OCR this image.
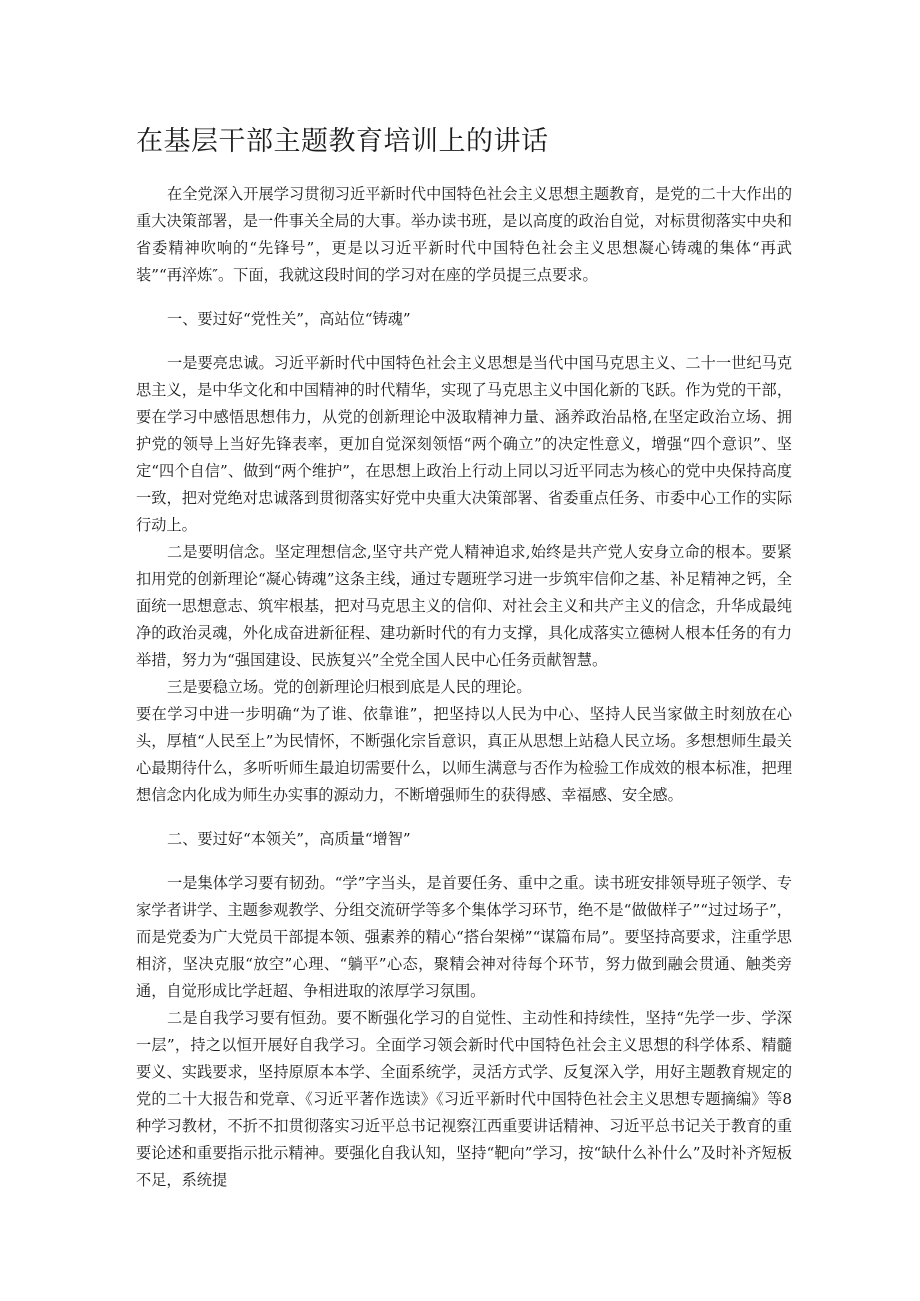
在基层干部主题教育培训上的讲话

在全党深入开展学习贯彻习近平新时代中国特色社会主义思想主题教育，是党的二十大作出的重大决策部署，是一件事关全局的大事。举办读书班，是以高度的政治自觉，对标贯彻落实中央和省委精神吹响的“先锋号”，更是以习近平新时代中国特色社会主义思想凝心铸魂的集体“再武装”“再淬炼″。下面，我就这段时间的学习对在座的学员提三点要求。

一、要过好“党性关”，高站位“铸魂”

一是要亮忠诚。习近平新时代中国特色社会主义思想是当代中国马克思主义、二十一世纪马克思主义，是中华文化和中国精神的时代精华，实现了马克思主义中国化新的飞跃。作为党的干部，要在学习中感悟思想伟力，从党的创新理论中汲取精神力量、涵养政治品格,在坚定政治立场、拥护党的领导上当好先锋表率，更加自觉深刻领悟“两个确立”的决定性意义，增强“四个意识”、坚定“四个自信”、做到“两个维护”，在思想上政治上行动上同以习近平同志为核心的党中央保持高度一致，把对党绝对忠诚落到贯彻落实好党中央重大决策部署、省委重点任务、市委中心工作的实际行动上。

二是要明信念。坚定理想信念,坚守共产党人精神追求,始终是共产党人安身立命的根本。要紧扣用党的创新理论“凝心铸魂”这条主线，通过专题班学习进一步筑牢信仰之基、补足精神之钙，全面统一思想意志、筑牢根基，把对马克思主义的信仰、对社会主义和共产主义的信念，升华成最纯净的政治灵魂，外化成奋进新征程、建功新时代的有力支撑，具化成落实立德树人根本任务的有力举措，努力为“强国建设、民族复兴”全党全国人民中心任务贡献智慧。

三是要稳立场。党的创新理论归根到底是人民的理论。

要在学习中进一步明确“为了谁、依靠谁”，把坚持以人民为中心、坚持人民当家做主时刻放在心头，厚植“人民至上”为民情怀，不断强化宗旨意识，真正从思想上站稳人民立场。多想想师生最关心最期待什么，多听听师生最迫切需要什么，以师生满意与否作为检验工作成效的根本标准，把理想信念内化成为师生办实事的源动力，不断增强师生的获得感、幸福感、安全感。

二、要过好“本领关”，高质量“增智”

一是集体学习要有韧劲。“学”字当头，是首要任务、重中之重。读书班安排领导班子领学、专家学者讲学、主题参观教学、分组交流研学等多个集体学习环节，绝不是“做做样子”“过过场子”，而是党委为广大党员干部提本领、强素养的精心“搭台架梯”“谋篇布局”。要坚持高要求，注重学思相济，坚决克服“放空”心理、“躺平”心态，聚精会神对待每个环节，努力做到融会贯通、触类旁通，自觉形成比学赶超、争相进取的浓厚学习氛围。

二是自我学习要有恒劲。要不断强化学习的自觉性、主动性和持续性，坚持“先学一步、学深一层”，持之以恒开展好自我学习。全面学习领会新时代中国特色社会主义思想的科学体系、精髓要义、实践要求，坚持原原本本学、全面系统学，灵活方式学、反复深入学，用好主题教育规定的党的二十大报告和党章、《习近平著作选读》《习近平新时代中国特色社会主义思想专题摘编》等8种学习教材，不折不扣贯彻落实习近平总书记视察江西重要讲话精神、习近平总书记关于教育的重要论述和重要指示批示精神。要强化自我认知，坚持“靶向”学习，按“缺什么补什么”及时补齐短板不足，系统提
